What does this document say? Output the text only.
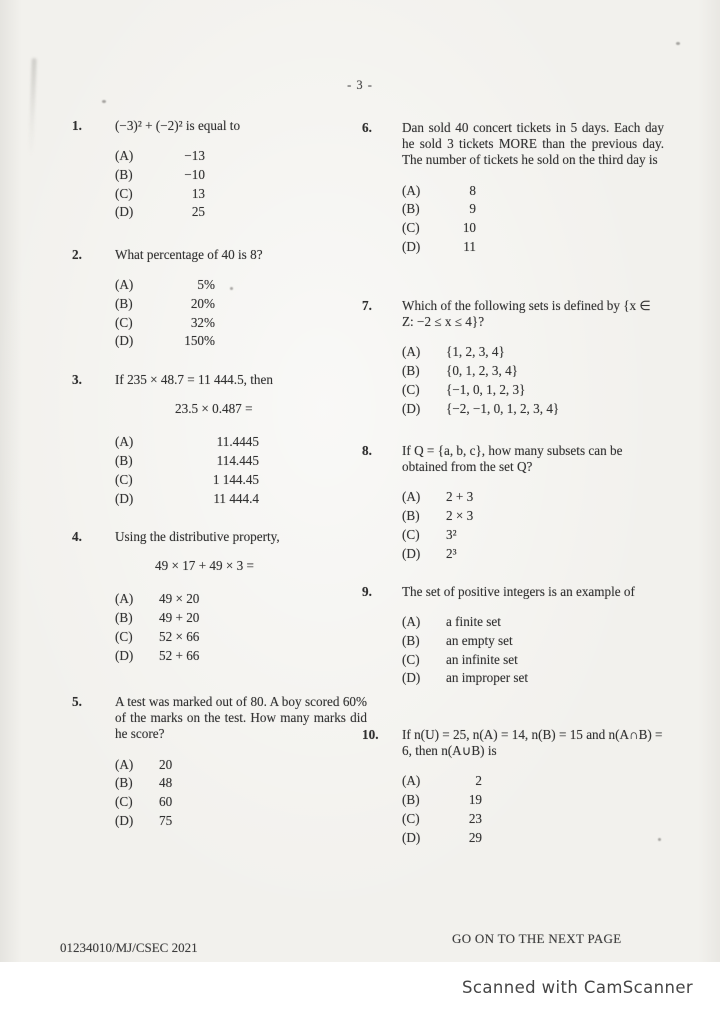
- 3 -
1.	(−3)² + (−2)² is equal to
(A)	−13
(B)	−10
(C)	13
(D)	25
2.	What percentage of 40 is 8?
(A)	5%
(B)	20%
(C)	32%
(D)	150%
3.	If 235 × 48.7 = 11 444.5, then
23.5 × 0.487 =
(A)	11.4445
(B)	114.445
(C)	1 144.45
(D)	11 444.4
4.	Using the distributive property,
49 × 17 + 49 × 3 =
(A)	49 × 20
(B)	49 + 20
(C)	52 × 66
(D)	52 + 66
5.	A test was marked out of 80. A boy scored 60% of the marks on the test. How many marks did he score?
(A)	20
(B)	48
(C)	60
(D)	75
6.	Dan sold 40 concert tickets in 5 days. Each day he sold 3 tickets MORE than the previous day. The number of tickets he sold on the third day is
(A)	8
(B)	9
(C)	10
(D)	11
7.	Which of the following sets is defined by {x ∈ Z: −2 ≤ x ≤ 4}?
(A)	{1, 2, 3, 4}
(B)	{0, 1, 2, 3, 4}
(C)	{−1, 0, 1, 2, 3}
(D)	{−2, −1, 0, 1, 2, 3, 4}
8.	If Q = {a, b, c}, how many subsets can be obtained from the set Q?
(A)	2 + 3
(B)	2 × 3
(C)	3²
(D)	2³
9.	The set of positive integers is an example of
(A)	a finite set
(B)	an empty set
(C)	an infinite set
(D)	an improper set
10.	If n(U) = 25, n(A) = 14, n(B) = 15 and n(A∩B) = 6, then n(A∪B) is
(A)	2
(B)	19
(C)	23
(D)	29
01234010/MJ/CSEC 2021
GO ON TO THE NEXT PAGE
Scanned with CamScanner
